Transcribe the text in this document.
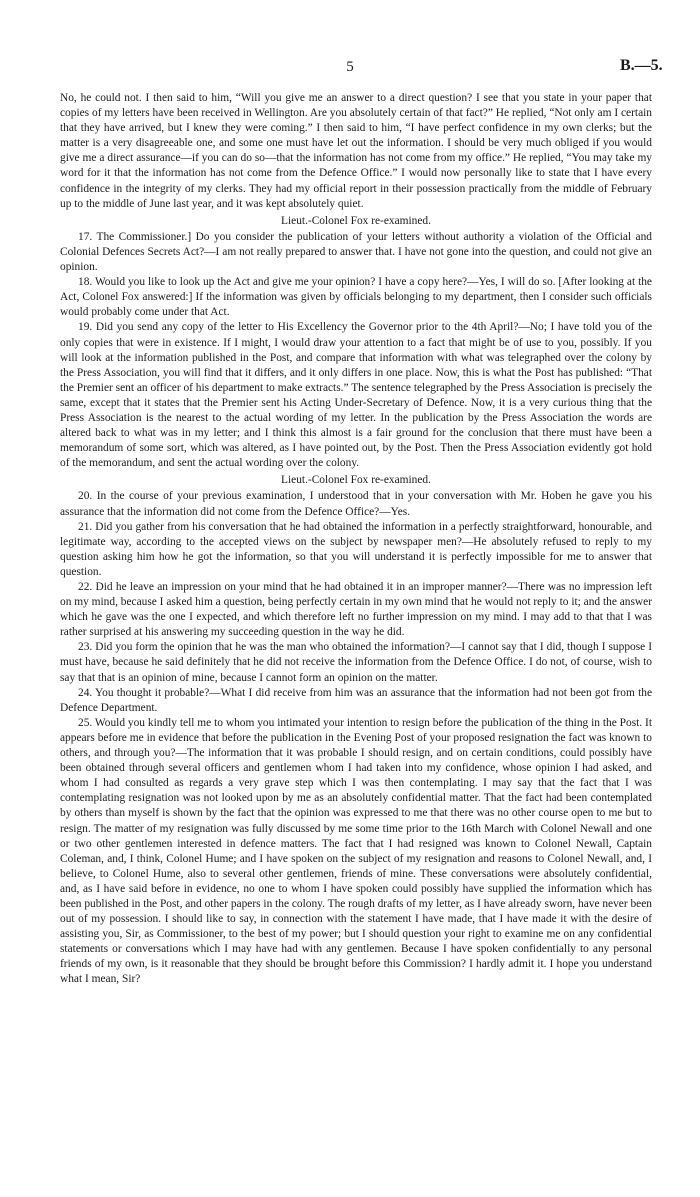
5	B.—5.

No, he could not. I then said to him, “Will you give me an answer to a direct question? I see that you state in your paper that copies of my letters have been received in Wellington. Are you absolutely certain of that fact?” He replied, “Not only am I certain that they have arrived, but I knew they were coming.” I then said to him, “I have perfect confidence in my own clerks; but the matter is a very disagreeable one, and some one must have let out the information. I should be very much obliged if you would give me a direct assurance—if you can do so—that the information has not come from my office.” He replied, “You may take my word for it that the information has not come from the Defence Office.” I would now personally like to state that I have every confidence in the integrity of my clerks. They had my official report in their possession practically from the middle of February up to the middle of June last year, and it was kept absolutely quiet.

Lieut.-Colonel Fox re-examined.

17. The Commissioner.] Do you consider the publication of your letters without authority a violation of the Official and Colonial Defences Secrets Act?—I am not really prepared to answer that. I have not gone into the question, and could not give an opinion.

18. Would you like to look up the Act and give me your opinion? I have a copy here?—Yes, I will do so. [After looking at the Act, Colonel Fox answered:] If the information was given by officials belonging to my department, then I consider such officials would probably come under that Act.

19. Did you send any copy of the letter to His Excellency the Governor prior to the 4th April?—No; I have told you of the only copies that were in existence. If I might, I would draw your attention to a fact that might be of use to you, possibly. If you will look at the information published in the Post, and compare that information with what was telegraphed over the colony by the Press Association, you will find that it differs, and it only differs in one place. Now, this is what the Post has published: “That the Premier sent an officer of his department to make extracts.” The sentence telegraphed by the Press Association is precisely the same, except that it states that the Premier sent his Acting Under-Secretary of Defence. Now, it is a very curious thing that the Press Association is the nearest to the actual wording of my letter. In the publication by the Press Association the words are altered back to what was in my letter; and I think this almost is a fair ground for the conclusion that there must have been a memorandum of some sort, which was altered, as I have pointed out, by the Post. Then the Press Association evidently got hold of the memorandum, and sent the actual wording over the colony.

Lieut.-Colonel Fox re-examined.

20. In the course of your previous examination, I understood that in your conversation with Mr. Hoben he gave you his assurance that the information did not come from the Defence Office?—Yes.

21. Did you gather from his conversation that he had obtained the information in a perfectly straightforward, honourable, and legitimate way, according to the accepted views on the subject by newspaper men?—He absolutely refused to reply to my question asking him how he got the information, so that you will understand it is perfectly impossible for me to answer that question.

22. Did he leave an impression on your mind that he had obtained it in an improper manner?—There was no impression left on my mind, because I asked him a question, being perfectly certain in my own mind that he would not reply to it; and the answer which he gave was the one I expected, and which therefore left no further impression on my mind. I may add to that that I was rather surprised at his answering my succeeding question in the way he did.

23. Did you form the opinion that he was the man who obtained the information?—I cannot say that I did, though I suppose I must have, because he said definitely that he did not receive the information from the Defence Office. I do not, of course, wish to say that that is an opinion of mine, because I cannot form an opinion on the matter.

24. You thought it probable?—What I did receive from him was an assurance that the information had not been got from the Defence Department.

25. Would you kindly tell me to whom you intimated your intention to resign before the publication of the thing in the Post. It appears before me in evidence that before the publication in the Evening Post of your proposed resignation the fact was known to others, and through you?—The information that it was probable I should resign, and on certain conditions, could possibly have been obtained through several officers and gentlemen whom I had taken into my confidence, whose opinion I had asked, and whom I had consulted as regards a very grave step which I was then contemplating. I may say that the fact that I was contemplating resignation was not looked upon by me as an absolutely confidential matter. That the fact had been contemplated by others than myself is shown by the fact that the opinion was expressed to me that there was no other course open to me but to resign. The matter of my resignation was fully discussed by me some time prior to the 16th March with Colonel Newall and one or two other gentlemen interested in defence matters. The fact that I had resigned was known to Colonel Newall, Captain Coleman, and, I think, Colonel Hume; and I have spoken on the subject of my resignation and reasons to Colonel Newall, and, I believe, to Colonel Hume, also to several other gentlemen, friends of mine. These conversations were absolutely confidential, and, as I have said before in evidence, no one to whom I have spoken could possibly have supplied the information which has been published in the Post, and other papers in the colony. The rough drafts of my letter, as I have already sworn, have never been out of my possession. I should like to say, in connection with the statement I have made, that I have made it with the desire of assisting you, Sir, as Commissioner, to the best of my power; but I should question your right to examine me on any confidential statements or conversations which I may have had with any gentlemen. Because I have spoken confidentially to any personal friends of my own, is it reasonable that they should be brought before this Commission? I hardly admit it. I hope you understand what I mean, Sir?
